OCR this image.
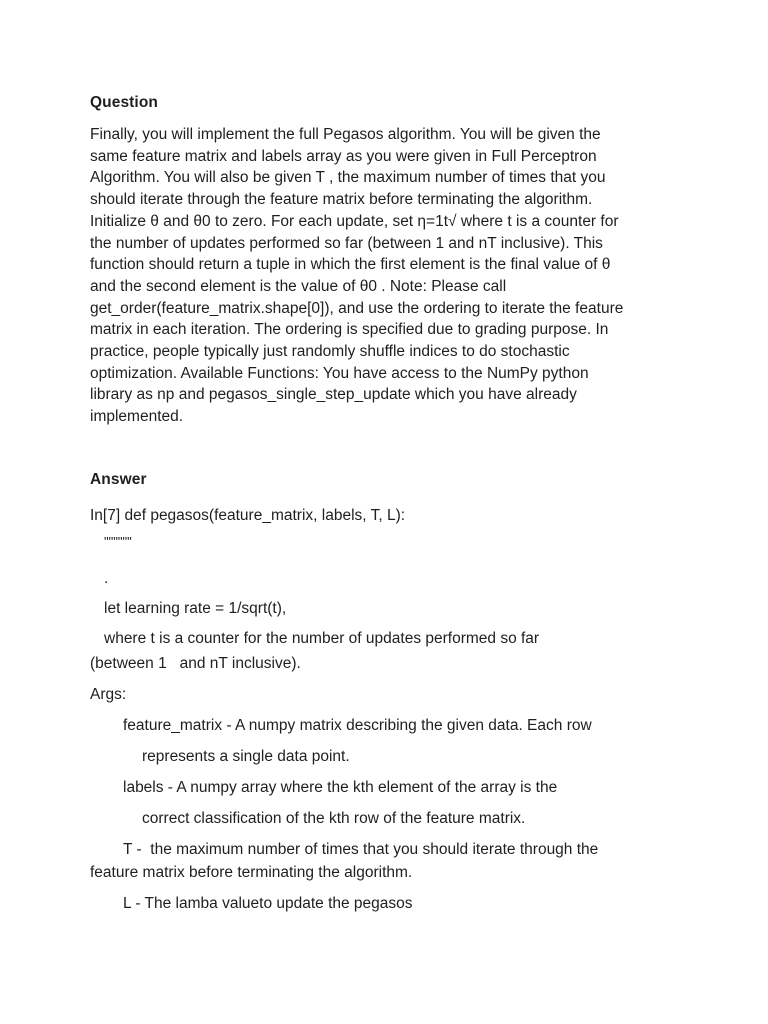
Question
Finally, you will implement the full Pegasos algorithm. You will be given the
same feature matrix and labels array as you were given in Full Perceptron
Algorithm. You will also be given T , the maximum number of times that you
should iterate through the feature matrix before terminating the algorithm.
Initialize θ and θ0 to zero. For each update, set η=1t√ where t is a counter for
the number of updates performed so far (between 1 and nT inclusive). This
function should return a tuple in which the first element is the final value of θ
and the second element is the value of θ0 . Note: Please call
get_order(feature_matrix.shape[0]), and use the ordering to iterate the feature
matrix in each iteration. The ordering is specified due to grading purpose. In
practice, people typically just randomly shuffle indices to do stochastic
optimization. Available Functions: You have access to the NumPy python
library as np and pegasos_single_step_update which you have already
implemented.
Answer
In[7] def pegasos(feature_matrix, labels, T, L):
""""""
.
let learning rate = 1/sqrt(t),
where t is a counter for the number of updates performed so far
(between 1   and nT inclusive).
Args:
feature_matrix - A numpy matrix describing the given data. Each row
represents a single data point.
labels - A numpy array where the kth element of the array is the
correct classification of the kth row of the feature matrix.
T -  the maximum number of times that you should iterate through the
feature matrix before terminating the algorithm.
L - The lamba valueto update the pegasos
